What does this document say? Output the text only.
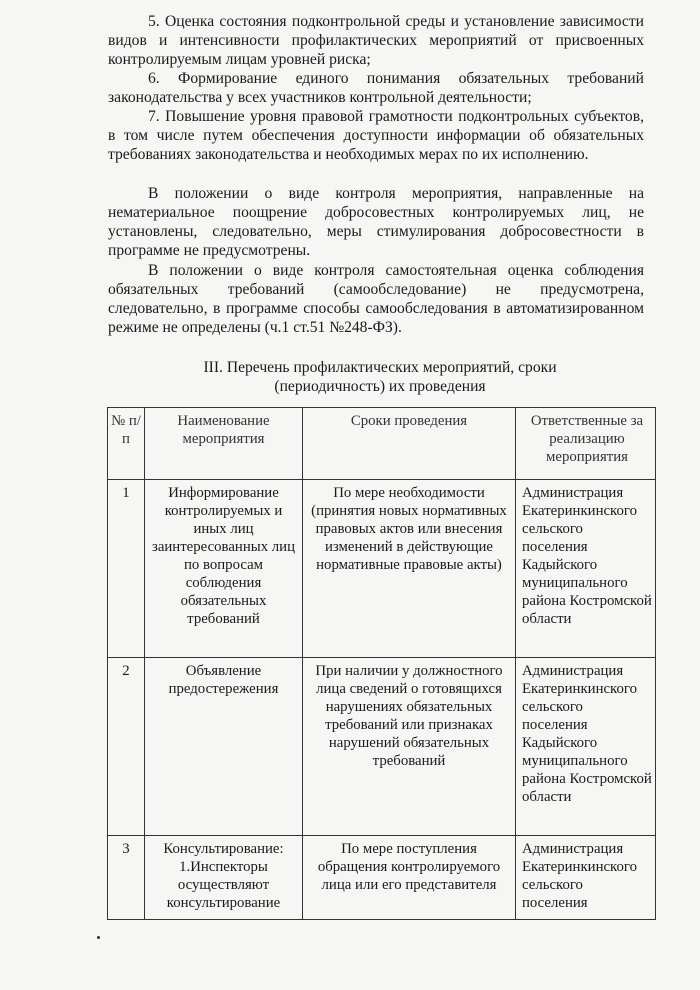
5. Оценка состояния подконтрольной среды и установление зависимости видов и интенсивности профилактических мероприятий от присвоенных контролируемым лицам уровней риска;

6. Формирование единого понимания обязательных требований законодательства у всех участников контрольной деятельности;

7. Повышение уровня правовой грамотности подконтрольных субъектов, в том числе путем обеспечения доступности информации об обязательных требованиях законодательства и необходимых мерах по их исполнению.

В положении о виде контроля мероприятия, направленные на нематериальное поощрение добросовестных контролируемых лиц, не установлены, следовательно, меры стимулирования добросовестности в программе не предусмотрены.

В положении о виде контроля самостоятельная оценка соблюдения обязательных требований (самообследование) не предусмотрена, следовательно, в программе способы самообследования в автоматизированном режиме не определены (ч.1 ст.51 №248-ФЗ).

III. Перечень профилактических мероприятий, сроки
(периодичность) их проведения
№ п/п	Наименование мероприятия	Сроки проведения	Ответственные за реализацию мероприятия
1	Информирование контролируемых и иных лиц заинтересованных лиц по вопросам соблюдения обязательных требований	По мере необходимости (принятия новых нормативных правовых актов или внесения изменений в действующие нормативные правовые акты)	Администрация Екатеринкинского сельского поселения Кадыйского муниципального района Костромской области
2	Объявление предостережения	При наличии у должностного лица сведений о готовящихся нарушениях обязательных требований или признаках нарушений обязательных требований	Администрация Екатеринкинского сельского поселения Кадыйского муниципального района Костромской области
3	Консультирование: 1.Инспекторы осуществляют консультирование	По мере поступления обращения контролируемого лица или его представителя	Администрация Екатеринкинского сельского поселения
